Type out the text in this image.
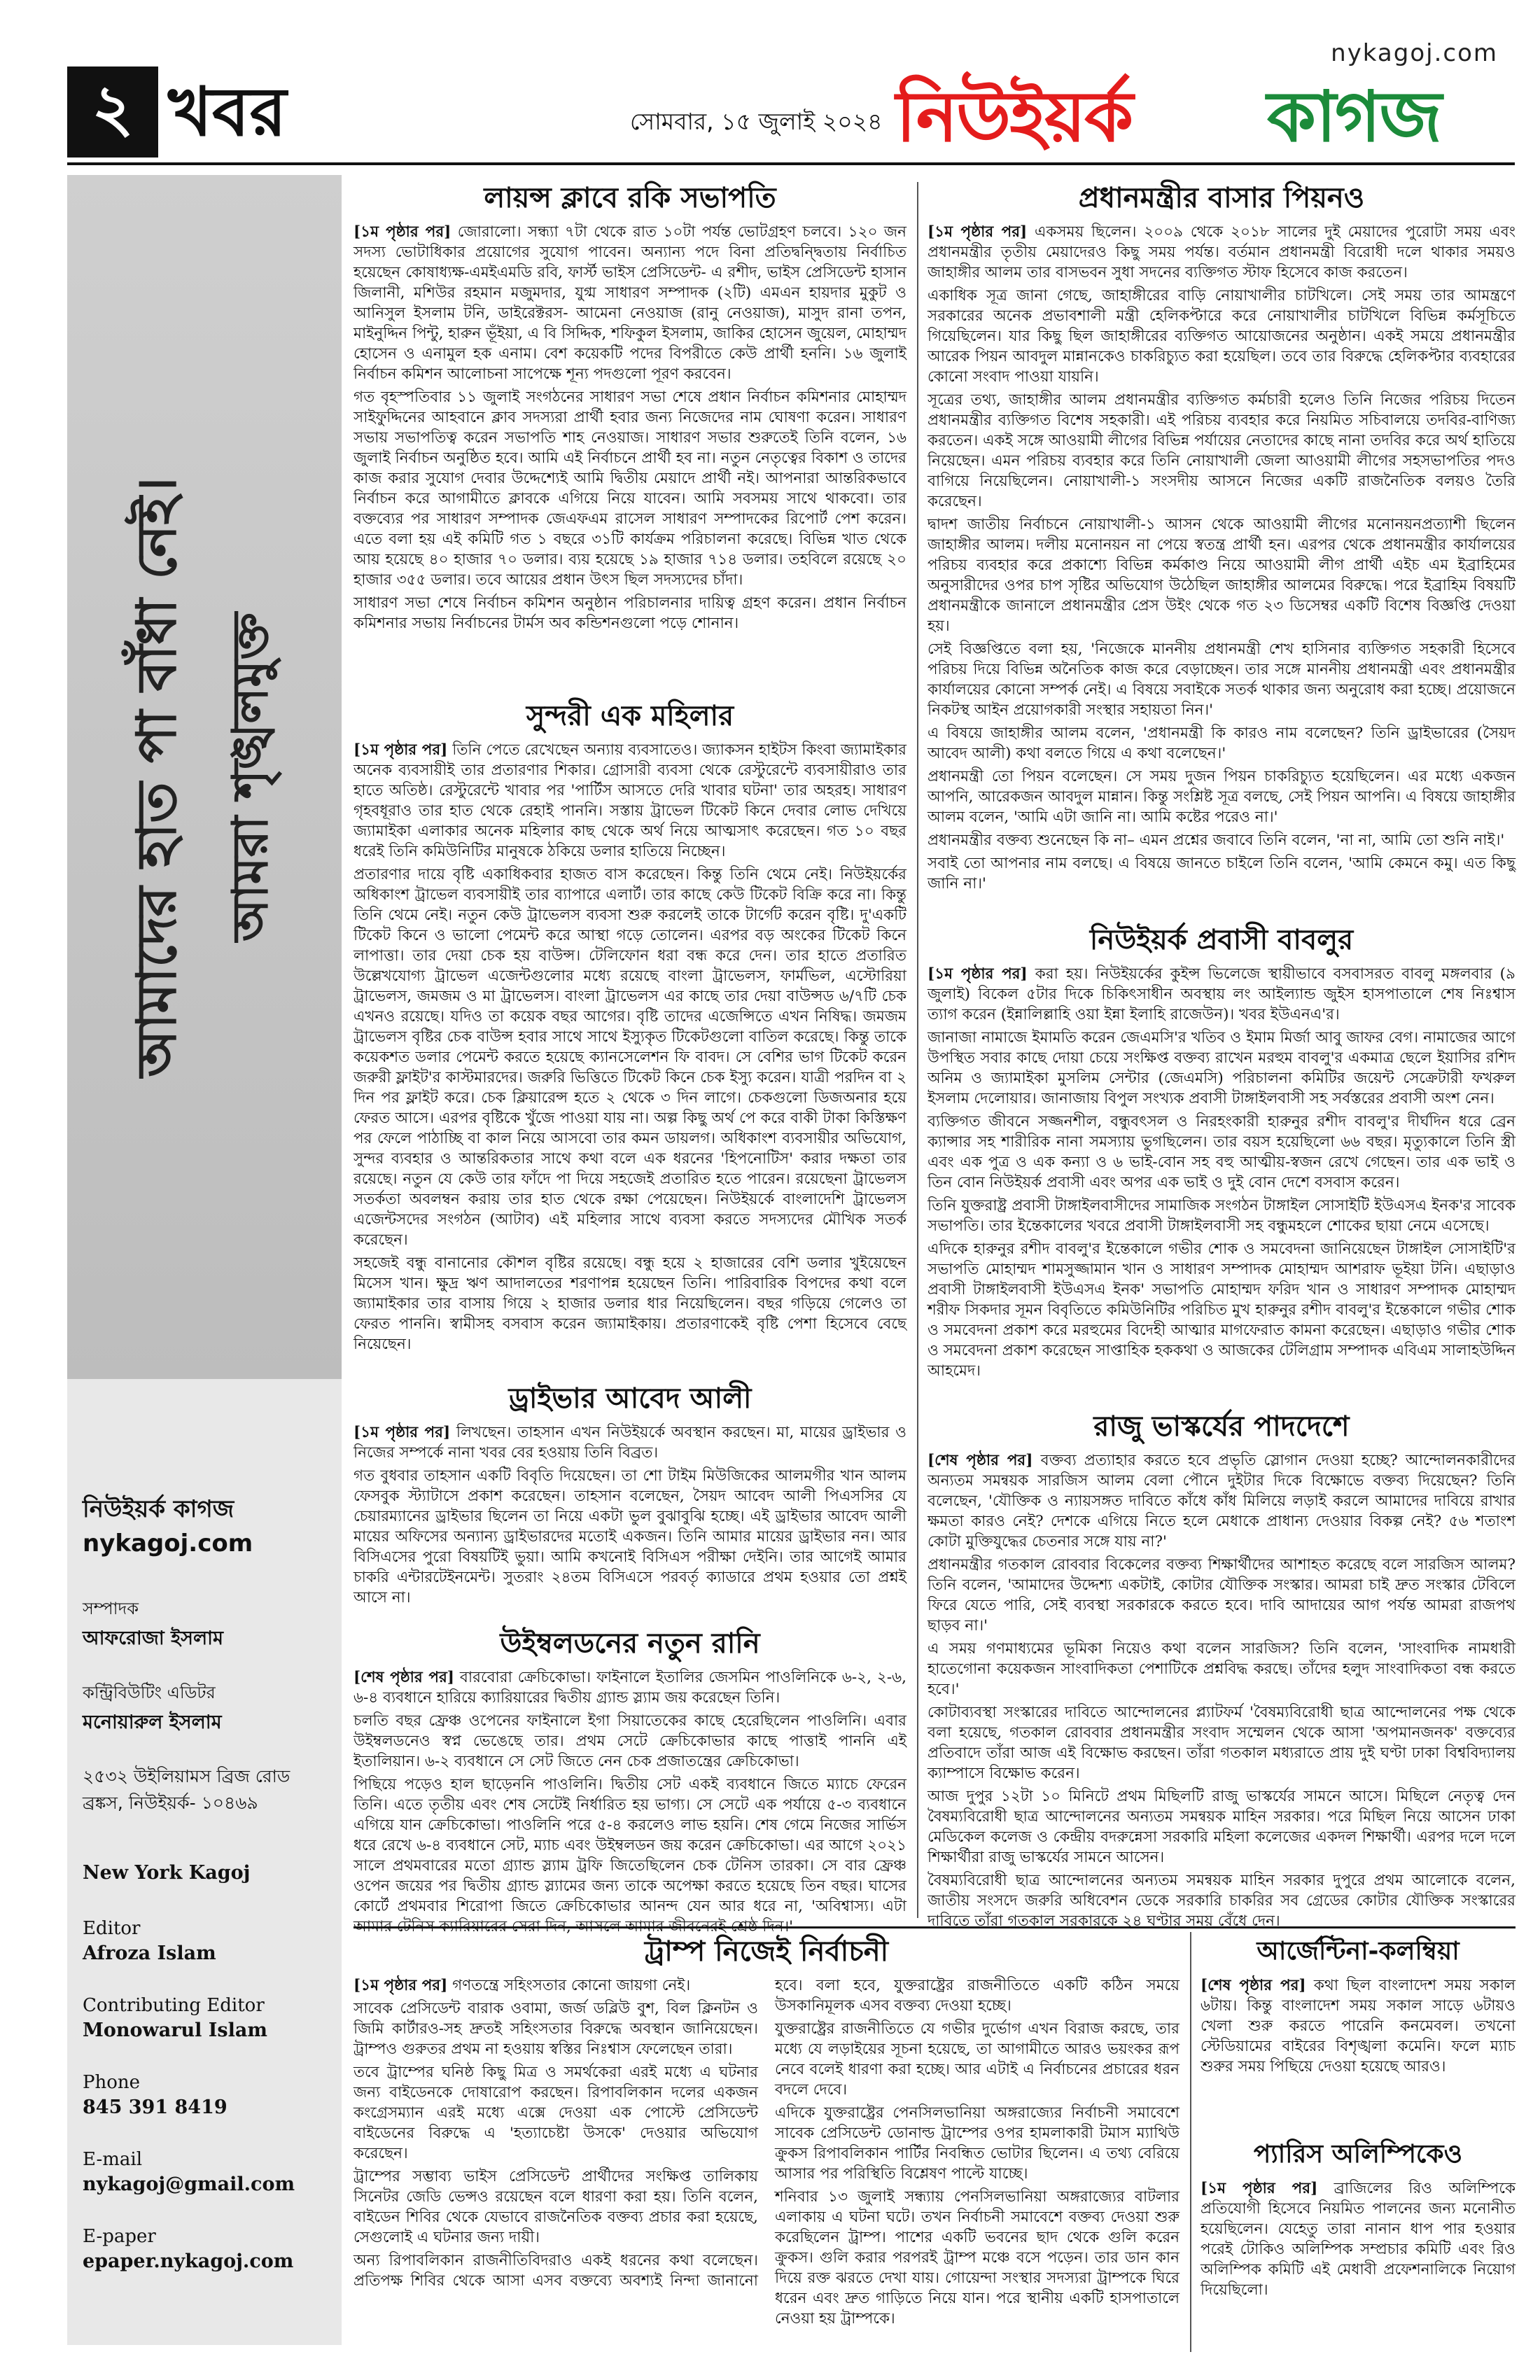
২ খবর	সোমবার, ১৫ জুলাই ২০২৪
nykagoj.com
নিউইয়র্ক কাগজ
আমাদের হাত পা বাঁধা নেই। আমরা শৃঙ্খলমুক্ত
নিউইয়র্ক কাগজ
nykagoj.com
সম্পাদক
আফরোজা ইসলাম
কন্ট্রিবিউটিং এডিটর
মনোয়ারুল ইসলাম
২৫৩২ উইলিয়ামস ব্রিজ রোড
ব্রঙ্কস, নিউইয়র্ক- ১০৪৬৯
New York Kagoj
Editor
Afroza Islam
Contributing Editor
Monowarul Islam
Phone
845 391 8419
E-mail
nykagoj@gmail.com
E-paper
epaper.nykagoj.com
লায়ন্স ক্লাবে রকি সভাপতি

[১ম পৃষ্ঠার পর] জোরালো। সন্ধ্যা ৭টা থেকে রাত ১০টা পর্যন্ত ভোটগ্রহণ চলবে। ১২০ জন সদস্য ভোটাধিকার প্রয়োগের সুযোগ পাবেন। অন্যান্য পদে বিনা প্রতিদ্বন্দ্বিতায় নির্বাচিত হয়েছেন কোষাধ্যক্ষ-এমইএমডি রবি, ফার্স্ট ভাইস প্রেসিডেন্ট- এ রশীদ, ভাইস প্রেসিডেন্ট হাসান জিলানী, মশিউর রহমান মজুমদার, যুগ্ম সাধারণ সম্পাদক (২টি) এমএন হায়দার মুকুট ও আনিসুল ইসলাম টনি, ডাইরেক্টরস- আমেনা নেওয়াজ (রানু নেওয়াজ), মাসুদ রানা তপন, মাইনুদ্দিন পিন্টু, হারুন ভূঁইয়া, এ বি সিদ্দিক, শফিকুল ইসলাম, জাকির হোসেন জুয়েল, মোহাম্মদ হোসেন ও এনামুল হক এনাম। বেশ কয়েকটি পদের বিপরীতে কেউ প্রার্থী হননি। ১৬ জুলাই নির্বাচন কমিশন আলোচনা সাপেক্ষে শূন্য পদগুলো পূরণ করবেন।

গত বৃহস্পতিবার ১১ জুলাই সংগঠনের সাধারণ সভা শেষে প্রধান নির্বাচন কমিশনার মোহাম্মদ সাইফুদ্দিনের আহবানে ক্লাব সদস্যরা প্রার্থী হবার জন্য নিজেদের নাম ঘোষণা করেন। সাধারণ সভায় সভাপতিত্ব করেন সভাপতি শাহ নেওয়াজ। সাধারণ সভার শুরুতেই তিনি বলেন, ১৬ জুলাই নির্বাচন অনুষ্ঠিত হবে। আমি এই নির্বাচনে প্রার্থী হব না। নতুন নেতৃত্বের বিকাশ ও তাদের কাজ করার সুযোগ দেবার উদ্দেশ্যেই আমি দ্বিতীয় মেয়াদে প্রার্থী নই। আপনারা আন্তরিকভাবে নির্বাচন করে আগামীতে ক্লাবকে এগিয়ে নিয়ে যাবেন। আমি সবসময় সাথে থাকবো। তার বক্তব্যের পর সাধারণ সম্পাদক জেএফএম রাসেল সাধারণ সম্পাদকের রিপোর্ট পেশ করেন। এতে বলা হয় এই কমিটি গত ১ বছরে ৩১টি কার্যক্রম পরিচালনা করেছে। বিভিন্ন খাত থেকে আয় হয়েছে ৪০ হাজার ৭০ ডলার। ব্যয় হয়েছে ১৯ হাজার ৭১৪ ডলার। তহবিলে রয়েছে ২০ হাজার ৩৫৫ ডলার। তবে আয়ের প্রধান উৎস ছিল সদস্যদের চাঁদা।

সাধারণ সভা শেষে নির্বাচন কমিশন অনুষ্ঠান পরিচালনার দায়িত্ব গ্রহণ করেন। প্রধান নির্বাচন কমিশনার সভায় নির্বাচনের টার্মস অব কন্ডিশনগুলো পড়ে শোনান।

সুন্দরী এক মহিলার

[১ম পৃষ্ঠার পর] তিনি পেতে রেখেছেন অন্যায় ব্যবসাতেও। জ্যাকসন হাইটস কিংবা জ্যামাইকার অনেক ব্যবসায়ীই তার প্রতারণার শিকার। গ্রোসারী ব্যবসা থেকে রেস্টুরেন্টে ব্যবসায়ীরাও তার হাতে অতিষ্ঠ। রেস্টুরেন্টে খাবার পর 'পার্টিস আসতে দেরি খাবার ঘটনা' তার অহরহ। সাধারণ গৃহবধূরাও তার হাত থেকে রেহাই পাননি। সস্তায় ট্রাভেল টিকেট কিনে দেবার লোভ দেখিয়ে জ্যামাইকা এলাকার অনেক মহিলার কাছ থেকে অর্থ নিয়ে আত্মসাৎ করেছেন। গত ১০ বছর ধরেই তিনি কমিউনিটির মানুষকে ঠকিয়ে ডলার হাতিয়ে নিচ্ছেন।

প্রতারণার দায়ে বৃষ্টি একাধিকবার হাজত বাস করেছেন। কিন্তু তিনি থেমে নেই। নিউইয়র্কের অধিকাংশ ট্রাভেল ব্যবসায়ীই তার ব্যাপারে এলার্ট। তার কাছে কেউ টিকেট বিক্রি করে না। কিন্তু তিনি থেমে নেই। নতুন কেউ ট্রাভেলস ব্যবসা শুরু করলেই তাকে টার্গেট করেন বৃষ্টি। দু'একটি টিকেট কিনে ও ভালো পেমেন্ট করে আস্থা গড়ে তোলেন। এরপর বড় অংকের টিকেট কিনে লাপাত্তা। তার দেয়া চেক হয় বাউন্স। টেলিফোন ধরা বন্ধ করে দেন। তার হাতে প্রতারিত উল্লেখযোগ্য ট্রাভেল এজেন্টগুলোর মধ্যে রয়েছে বাংলা ট্রাভেলস, ফার্মভিল, এস্টোরিয়া ট্রাভেলস, জমজম ও মা ট্রাভেলস। বাংলা ট্রাভেলস এর কাছে তার দেয়া বাউন্সড ৬/৭টি চেক এখনও রয়েছে। যদিও তা কয়েক বছর আগের। বৃষ্টি তাদের এজেন্সিতে এখন নিষিদ্ধ। জমজম ট্রাভেলস বৃষ্টির চেক বাউন্স হবার সাথে সাথে ইস্যুকৃত টিকেটগুলো বাতিল করেছে। কিন্তু তাকে কয়েকশত ডলার পেমেন্ট করতে হয়েছে ক্যানসেলেশন ফি বাবদ। সে বেশির ভাগ টিকেট করেন জরুরী ফ্লাইট'র কাস্টমারদের। জরুরি ভিত্তিতে টিকেট কিনে চেক ইস্যু করেন। যাত্রী পরদিন বা ২ দিন পর ফ্লাইট করে। চেক ক্লিয়ারেন্স হতে ২ থেকে ৩ দিন লাগে। চেকগুলো ডিজঅনার হয়ে ফেরত আসে। এরপর বৃষ্টিকে খুঁজে পাওয়া যায় না। অল্প কিছু অর্থ পে করে বাকী টাকা কিস্তিক্ষণ পর ফেলে পাঠাচ্ছি বা কাল নিয়ে আসবো তার কমন ডায়লগ। অধিকাংশ ব্যবসায়ীর অভিযোগ, সুন্দর ব্যবহার ও আন্তরিকতার সাথে কথা বলে এক ধরনের 'হিপনোটিস' করার দক্ষতা তার রয়েছে। নতুন যে কেউ তার ফাঁদে পা দিয়ে সহজেই প্রতারিত হতে পারেন। রয়েছেনা ট্রাভেলস সতর্কতা অবলম্বন করায় তার হাত থেকে রক্ষা পেয়েছেন। নিউইয়র্কে বাংলাদেশি ট্রাভেলস এজেন্টসদের সংগঠন (আটাব) এই মহিলার সাথে ব্যবসা করতে সদস্যদের মৌখিক সতর্ক করেছেন।

সহজেই বন্ধু বানানোর কৌশল বৃষ্টির রয়েছে। বন্ধু হয়ে ২ হাজারের বেশি ডলার খুইয়েছেন মিসেস খান। ক্ষুদ্র ঋণ আদালতের শরণাপন্ন হয়েছেন তিনি। পারিবারিক বিপদের কথা বলে জ্যামাইকার তার বাসায় গিয়ে ২ হাজার ডলার ধার নিয়েছিলেন। বছর গড়িয়ে গেলেও তা ফেরত পাননি। স্বামীসহ বসবাস করেন জ্যামাইকায়। প্রতারণাকেই বৃষ্টি পেশা হিসেবে বেছে নিয়েছেন।

ড্রাইভার আবেদ আলী

[১ম পৃষ্ঠার পর] লিখছেন। তাহসান এখন নিউইয়র্কে অবস্থান করছেন। মা, মায়ের ড্রাইভার ও নিজের সম্পর্কে নানা খবর বের হওয়ায় তিনি বিব্রত।

গত বুধবার তাহসান একটি বিবৃতি দিয়েছেন। তা শো টাইম মিউজিকের আলমগীর খান আলম ফেসবুক স্ট্যাটাসে প্রকাশ করেছেন। তাহসান বলেছেন, সৈয়দ আবেদ আলী পিএসসির যে চেয়ারম্যানের ড্রাইভার ছিলেন তা নিয়ে একটা ভুল বুঝাবুঝি হচ্ছে। এই ড্রাইভার আবেদ আলী মায়ের অফিসের অন্যান্য ড্রাইভারদের মতোই একজন। তিনি আমার মায়ের ড্রাইভার নন। আর বিসিএসের পুরো বিষয়টিই ভুয়া। আমি কখনোই বিসিএস পরীক্ষা দেইনি। তার আগেই আমার চাকরি এন্টারটেইনমেন্ট। সুতরাং ২৪তম বিসিএসে পরবর্তৃ ক্যাডারে প্রথম হওয়ার তো প্রশ্নই আসে না।

উইম্বলডনের নতুন রানি

[শেষ পৃষ্ঠার পর] বারবোরা ক্রেচিকোভা। ফাইনালে ইতালির জেসমিন পাওলিনিকে ৬-২, ২-৬, ৬-৪ ব্যবধানে হারিয়ে ক্যারিয়ারের দ্বিতীয় গ্র্যান্ড স্ল্যাম জয় করেছেন তিনি।

চলতি বছর ফ্রেঞ্চ ওপেনের ফাইনালে ইগা সিয়াতেকের কাছে হেরেছিলেন পাওলিনি। এবার উইম্বলডনেও স্বপ্ন ভেঙেছে তার। প্রথম সেটে ক্রেচিকোভার কাছে পাত্তাই পাননি এই ইতালিয়ান। ৬-২ ব্যবধানে সে সেট জিতে নেন চেক প্রজাতন্ত্রের ক্রেচিকোভা।

পিছিয়ে পড়েও হাল ছাড়েননি পাওলিনি। দ্বিতীয় সেট একই ব্যবধানে জিতে ম্যাচে ফেরেন তিনি। এতে তৃতীয় এবং শেষ সেটেই নির্ধারিত হয় ভাগ্য। সে সেটে এক পর্যায়ে ৫-৩ ব্যবধানে এগিয়ে যান ক্রেচিকোভা। পাওলিনি পরে ৫-৪ করলেও লাভ হয়নি। শেষ গেমে নিজের সার্ভিস ধরে রেখে ৬-৪ ব্যবধানে সেট, ম্যাচ এবং উইম্বলডন জয় করেন ক্রেচিকোভা। এর আগে ২০২১ সালে প্রথমবারের মতো গ্র্যান্ড স্ল্যাম ট্রফি জিতেছিলেন চেক টেনিস তারকা। সে বার ফ্রেঞ্চ ওপেন জয়ের পর দ্বিতীয় গ্র্যান্ড স্ল্যামের জন্য তাকে অপেক্ষা করতে হয়েছে তিন বছর। ঘাসের কোর্টে প্রথমবার শিরোপা জিতে ক্রেচিকোভার আনন্দ যেন আর ধরে না, 'অবিশ্বাস্য। এটা আমার টেনিস ক্যারিয়ারের সেরা দিন, আসলে আমার জীবনেরই শ্রেষ্ঠ দিন।'

প্রধানমন্ত্রীর বাসার পিয়নও

[১ম পৃষ্ঠার পর] একসময় ছিলেন। ২০০৯ থেকে ২০১৮ সালের দুই মেয়াদের পুরোটা সময় এবং প্রধানমন্ত্রীর তৃতীয় মেয়াদেরও কিছু সময় পর্যন্ত। বর্তমান প্রধানমন্ত্রী বিরোধী দলে থাকার সময়ও জাহাঙ্গীর আলম তার বাসভবন সুধা সদনের ব্যক্তিগত স্টাফ হিসেবে কাজ করতেন।

একাধিক সূত্র জানা গেছে, জাহাঙ্গীরের বাড়ি নোয়াখালীর চাটখিলে। সেই সময় তার আমন্ত্রণে সরকারের অনেক প্রভাবশালী মন্ত্রী হেলিকপ্টারে করে নোয়াখালীর চাটখিলে বিভিন্ন কর্মসূচিতে গিয়েছিলেন। যার কিছু ছিল জাহাঙ্গীরের ব্যক্তিগত আয়োজনের অনুষ্ঠান। একই সময়ে প্রধানমন্ত্রীর আরেক পিয়ন আবদুল মান্নানকেও চাকরিচ্যুত করা হয়েছিল। তবে তার বিরুদ্ধে হেলিকপ্টার ব্যবহারের কোনো সংবাদ পাওয়া যায়নি।

সূত্রের তথ্য, জাহাঙ্গীর আলম প্রধানমন্ত্রীর ব্যক্তিগত কর্মচারী হলেও তিনি নিজের পরিচয় দিতেন প্রধানমন্ত্রীর ব্যক্তিগত বিশেষ সহকারী। এই পরিচয় ব্যবহার করে নিয়মিত সচিবালয়ে তদবির-বাণিজ্য করতেন। একই সঙ্গে আওয়ামী লীগের বিভিন্ন পর্যায়ের নেতাদের কাছে নানা তদবির করে অর্থ হাতিয়ে নিয়েছেন। এমন পরিচয় ব্যবহার করে তিনি নোয়াখালী জেলা আওয়ামী লীগের সহসভাপতির পদও বাগিয়ে নিয়েছিলেন। নোয়াখালী-১ সংসদীয় আসনে নিজের একটি রাজনৈতিক বলয়ও তৈরি করেছেন।

দ্বাদশ জাতীয় নির্বাচনে নোয়াখালী-১ আসন থেকে আওয়ামী লীগের মনোনয়নপ্রত্যাশী ছিলেন জাহাঙ্গীর আলম। দলীয় মনোনয়ন না পেয়ে স্বতন্ত্র প্রার্থী হন। এরপর থেকে প্রধানমন্ত্রীর কার্যালয়ের পরিচয় ব্যবহার করে প্রকাশ্যে বিভিন্ন কর্মকাণ্ড নিয়ে আওয়ামী লীগ প্রার্থী এইচ এম ইব্রাহিমের অনুসারীদের ওপর চাপ সৃষ্টির অভিযোগ উঠেছিল জাহাঙ্গীর আলমের বিরুদ্ধে। পরে ইব্রাহিম বিষয়টি প্রধানমন্ত্রীকে জানালে প্রধানমন্ত্রীর প্রেস উইং থেকে গত ২৩ ডিসেম্বর একটি বিশেষ বিজ্ঞপ্তি দেওয়া হয়।

সেই বিজ্ঞপ্তিতে বলা হয়, 'নিজেকে মাননীয় প্রধানমন্ত্রী শেখ হাসিনার ব্যক্তিগত সহকারী হিসেবে পরিচয় দিয়ে বিভিন্ন অনৈতিক কাজ করে বেড়াচ্ছেন। তার সঙ্গে মাননীয় প্রধানমন্ত্রী এবং প্রধানমন্ত্রীর কার্যালয়ের কোনো সম্পর্ক নেই। এ বিষয়ে সবাইকে সতর্ক থাকার জন্য অনুরোধ করা হচ্ছে। প্রয়োজনে নিকটস্থ আইন প্রয়োগকারী সংস্থার সহায়তা নিন।'

এ বিষয়ে জাহাঙ্গীর আলম বলেন, 'প্রধানমন্ত্রী কি কারও নাম বলেছেন? তিনি ড্রাইভারের (সৈয়দ আবেদ আলী) কথা বলতে গিয়ে এ কথা বলেছেন।'

প্রধানমন্ত্রী তো পিয়ন বলেছেন। সে সময় দুজন পিয়ন চাকরিচ্যুত হয়েছিলেন। এর মধ্যে একজন আপনি, আরেকজন আবদুল মান্নান। কিন্তু সংশ্লিষ্ট সূত্র বলছে, সেই পিয়ন আপনি। এ বিষয়ে জাহাঙ্গীর আলম বলেন, 'আমি এটা জানি না। আমি কষ্টের পরেও না।'

প্রধানমন্ত্রীর বক্তব্য শুনেছেন কি না– এমন প্রশ্নের জবাবে তিনি বলেন, 'না না, আমি তো শুনি নাই।'

সবাই তো আপনার নাম বলছে। এ বিষয়ে জানতে চাইলে তিনি বলেন, 'আমি কেমনে কমু। এত কিছু জানি না।'

নিউইয়র্ক প্রবাসী বাবলুর

[১ম পৃষ্ঠার পর] করা হয়। নিউইয়র্কের কুইন্স ভিলেজে স্থায়ীভাবে বসবাসরত বাবলু মঙ্গলবার (৯ জুলাই) বিকেল ৫টার দিকে চিকিৎসাধীন অবস্থায় লং আইল্যান্ড জুইস হাসপাতালে শেষ নিঃশ্বাস ত্যাগ করেন (ইন্নালিল্লাহি ওয়া ইন্না ইলাহি রাজেউন)। খবর ইউএনএ'র।

জানাজা নামাজে ইমামতি করেন জেএমসি'র খতিব ও ইমাম মির্জা আবু জাফর বেগ। নামাজের আগে উপস্থিত সবার কাছে দোয়া চেয়ে সংক্ষিপ্ত বক্তব্য রাখেন মরহুম বাবলু'র একমাত্র ছেলে ইয়াসির রশিদ অনিম ও জ্যামাইকা মুসলিম সেন্টার (জেএমসি) পরিচালনা কমিটির জয়েন্ট সেক্রেটারী ফখরুল ইসলাম দেলোয়ার। জানাজায় বিপুল সংখ্যক প্রবাসী টাঙ্গাইলবাসী সহ সর্বস্তরের প্রবাসী অংশ নেন।

ব্যক্তিগত জীবনে সজ্জনশীল, বন্ধুবৎসল ও নিরহংকারী হারুনুর রশীদ বাবলু'র দীর্ঘদিন ধরে ব্রেন ক্যান্সার সহ শারীরিক নানা সমস্যায় ভুগছিলেন। তার বয়স হয়েছিলো ৬৬ বছর। মৃত্যুকালে তিনি স্ত্রী এবং এক পুত্র ও এক কন্যা ও ৬ ভাই-বোন সহ বহু আত্মীয়-স্বজন রেখে গেছেন। তার এক ভাই ও তিন বোন নিউইয়র্ক প্রবাসী এবং অপর এক ভাই ও দুই বোন দেশে বসবাস করেন।

তিনি যুক্তরাষ্ট্র প্রবাসী টাঙ্গাইলবাসীদের সামাজিক সংগঠন টাঙ্গাইল সোসাইটি ইউএসএ ইনক'র সাবেক সভাপতি। তার ইন্তেকালের খবরে প্রবাসী টাঙ্গাইলবাসী সহ বন্ধুমহলে শোকের ছায়া নেমে এসেছে।

এদিকে হারুনুর রশীদ বাবলু'র ইন্তেকালে গভীর শোক ও সমবেদনা জানিয়েছেন টাঙ্গাইল সোসাইটি'র সভাপতি মোহাম্মদ শামসুজ্জামান খান ও সাধারণ সম্পাদক মোহাম্মদ আশরাফ ভূইয়া টনি। এছাড়াও প্রবাসী টাঙ্গাইলবাসী ইউএসএ ইনক' সভাপতি মোহাম্মদ ফরিদ খান ও সাধারণ সম্পাদক মোহাম্মদ শরীফ সিকদার সূমন বিবৃতিতে কমিউনিটির পরিচিত মুখ হারুনুর রশীদ বাবলু'র ইন্তেকালে গভীর শোক ও সমবেদনা প্রকাশ করে মরহুমের বিদেহী আত্মার মাগফেরাত কামনা করেছেন। এছাড়াও গভীর শোক ও সমবেদনা প্রকাশ করেছেন সাপ্তাহিক হককথা ও আজকের টেলিগ্রাম সম্পাদক এবিএম সালাহউদ্দিন আহমেদ।

রাজু ভাস্কর্যের পাদদেশে

[শেষ পৃষ্ঠার পর] বক্তব্য প্রত্যাহার করতে হবে প্রভৃতি স্লোগান দেওয়া হচ্ছে? আন্দোলনকারীদের অন্যতম সমন্বয়ক সারজিস আলম বেলা পৌনে দুইটার দিকে বিক্ষোভে বক্তব্য দিয়েছেন? তিনি বলেছেন, 'যৌক্তিক ও ন্যায়সঙ্গত দাবিতে কাঁধে কাঁধ মিলিয়ে লড়াই করলে আমাদের দাবিয়ে রাখার ক্ষমতা কারও নেই? দেশকে এগিয়ে নিতে হলে মেধাকে প্রাধান্য দেওয়ার বিকল্প নেই? ৫৬ শতাংশ কোটা মুক্তিযুদ্ধের চেতনার সঙ্গে যায় না?'

প্রধানমন্ত্রীর গতকাল রোববার বিকেলের বক্তব্য শিক্ষার্থীদের আশাহত করেছে বলে সারজিস আলম? তিনি বলেন, 'আমাদের উদ্দেশ্য একটাই, কোটার যৌক্তিক সংস্কার। আমরা চাই দ্রুত সংস্কার টেবিলে ফিরে যেতে পারি, সেই ব্যবস্থা সরকারকে করতে হবে। দাবি আদায়ের আগ পর্যন্ত আমরা রাজপথ ছাড়ব না।'

এ সময় গণমাধ্যমের ভূমিকা নিয়েও কথা বলেন সারজিস? তিনি বলেন, 'সাংবাদিক নামধারী হাতেগোনা কয়েকজন সাংবাদিকতা পেশাটিকে প্রশ্নবিদ্ধ করছে। তাঁদের হলুদ সাংবাদিকতা বন্ধ করতে হবে।'

কোটাব্যবস্থা সংস্কারের দাবিতে আন্দোলনের প্ল্যাটফর্ম 'বৈষম্যবিরোধী ছাত্র আন্দোলনের পক্ষ থেকে বলা হয়েছে, গতকাল রোববার প্রধানমন্ত্রীর সংবাদ সম্মেলন থেকে আসা 'অপমানজনক' বক্তব্যের প্রতিবাদে তাঁরা আজ এই বিক্ষোভ করছেন। তাঁরা গতকাল মধ্যরাতে প্রায় দুই ঘণ্টা ঢাকা বিশ্ববিদ্যালয় ক্যাম্পাসে বিক্ষোভ করেন।

আজ দুপুর ১২টা ১০ মিনিটে প্রথম মিছিলটি রাজু ভাস্কর্যের সামনে আসে। মিছিলে নেতৃত্ব দেন বৈষম্যবিরোধী ছাত্র আন্দোলনের অন্যতম সমন্বয়ক মাহিন সরকার। পরে মিছিল নিয়ে আসেন ঢাকা মেডিকেল কলেজ ও কেন্দ্রীয় বদরুন্নেসা সরকারি মহিলা কলেজের একদল শিক্ষার্থী। এরপর দলে দলে শিক্ষার্থীরা রাজু ভাস্কর্যের সামনে আসেন।

বৈষম্যবিরোধী ছাত্র আন্দোলনের অন্যতম সমন্বয়ক মাহিন সরকার দুপুরে প্রথম আলোকে বলেন, জাতীয় সংসদে জরুরি অধিবেশন ডেকে সরকারি চাকরির সব গ্রেডের কোটার যৌক্তিক সংস্কারের দাবিতে তাঁরা গতকাল সরকারকে ২৪ ঘণ্টার সময় বেঁধে দেন।

ট্রাম্প নিজেই নির্বাচনী

[১ম পৃষ্ঠার পর] গণতন্ত্রে সহিংসতার কোনো জায়গা নেই।

সাবেক প্রেসিডেন্ট বারাক ওবামা, জর্জ ডব্লিউ বুশ, বিল ক্লিনটন ও জিমি কার্টারও-সহ দ্রুতই সহিংসতার বিরুদ্ধে অবস্থান জানিয়েছেন। ট্রাম্পও গুরুতর প্রথম না হওয়ায় স্বস্তির নিঃশ্বাস ফেলেছেন তারা।

তবে ট্রাম্পের ঘনিষ্ঠ কিছু মিত্র ও সমর্থকেরা এরই মধ্যে এ ঘটনার জন্য বাইডেনকে দোষারোপ করছেন। রিপাবলিকান দলের একজন কংগ্রেসম্যান এরই মধ্যে এক্সে দেওয়া এক পোস্টে প্রেসিডেন্ট বাইডেনের বিরুদ্ধে এ 'হত্যাচেষ্টা উসকে' দেওয়ার অভিযোগ করেছেন।

ট্রাম্পের সম্ভাব্য ভাইস প্রেসিডেন্ট প্রার্থীদের সংক্ষিপ্ত তালিকায় সিনেটর জেডি ভেন্সও রয়েছেন বলে ধারণা করা হয়। তিনি বলেন, বাইডেন শিবির থেকে যেভাবে রাজনৈতিক বক্তব্য প্রচার করা হয়েছে, সেগুলোই এ ঘটনার জন্য দায়ী।

অন্য রিপাবলিকান রাজনীতিবিদরাও একই ধরনের কথা বলেছেন। প্রতিপক্ষ শিবির থেকে আসা এসব বক্তব্যে অবশ্যই নিন্দা জানানো হবে। বলা হবে, যুক্তরাষ্ট্রের রাজনীতিতে একটি কঠিন সময়ে উসকানিমূলক এসব বক্তব্য দেওয়া হচ্ছে।

যুক্তরাষ্ট্রের রাজনীতিতে যে গভীর দুর্ভোগ এখন বিরাজ করছে, তার মধ্যে যে লড়াইয়ের সূচনা হয়েছে, তা আগামীতে আরও ভয়ংকর রূপ নেবে বলেই ধারণা করা হচ্ছে। আর এটাই এ নির্বাচনের প্রচারের ধরন বদলে দেবে।

এদিকে যুক্তরাষ্ট্রের পেনসিলভানিয়া অঙ্গরাজ্যের নির্বাচনী সমাবেশে সাবেক প্রেসিডেন্ট ডোনাল্ড ট্রাম্পের ওপর হামলাকারী টমাস ম্যাথিউ ক্রুকস রিপাবলিকান পার্টির নিবন্ধিত ভোটার ছিলেন। এ তথ্য বেরিয়ে আসার পর পরিস্থিতি বিশ্লেষণ পাল্টে যাচ্ছে।

শনিবার ১৩ জুলাই সন্ধ্যায় পেনসিলভানিয়া অঙ্গরাজ্যের বাটলার এলাকায় এ ঘটনা ঘটে। তখন নির্বাচনী সমাবেশে বক্তব্য দেওয়া শুরু করেছিলেন ট্রাম্প। পাশের একটি ভবনের ছাদ থেকে গুলি করেন ক্রুকস। গুলি করার পরপরই ট্রাম্প মঞ্চে বসে পড়েন। তার ডান কান দিয়ে রক্ত ঝরতে দেখা যায়। গোয়েন্দা সংস্থার সদস্যরা ট্রাম্পকে ঘিরে ধরেন এবং দ্রুত গাড়িতে নিয়ে যান। পরে স্থানীয় একটি হাসপাতালে নেওয়া হয় ট্রাম্পকে।

আর্জেন্টিনা-কলম্বিয়া

[শেষ পৃষ্ঠার পর] কথা ছিল বাংলাদেশ সময় সকাল ৬টায়। কিন্তু বাংলাদেশ সময় সকাল সাড়ে ৬টায়ও খেলা শুরু করতে পারেনি কনমেবল। তখনো স্টেডিয়ামের বাইরের বিশৃঙ্খলা কমেনি। ফলে ম্যাচ শুরুর সময় পিছিয়ে দেওয়া হয়েছে আরও।

প্যারিস অলিম্পিকেও

[১ম পৃষ্ঠার পর] ব্রাজিলের রিও অলিম্পিকে প্রতিযোগী হিসেবে নিয়মিত পালনের জন্য মনোনীত হয়েছিলেন। যেহেতু তারা নানান ধাপ পার হওয়ার পরেই টোকিও অলিম্পিক সম্প্রচার কমিটি এবং রিও অলিম্পিক কমিটি এই মেধাবী প্রফেশনালিকে নিয়োগ দিয়েছিলো।
